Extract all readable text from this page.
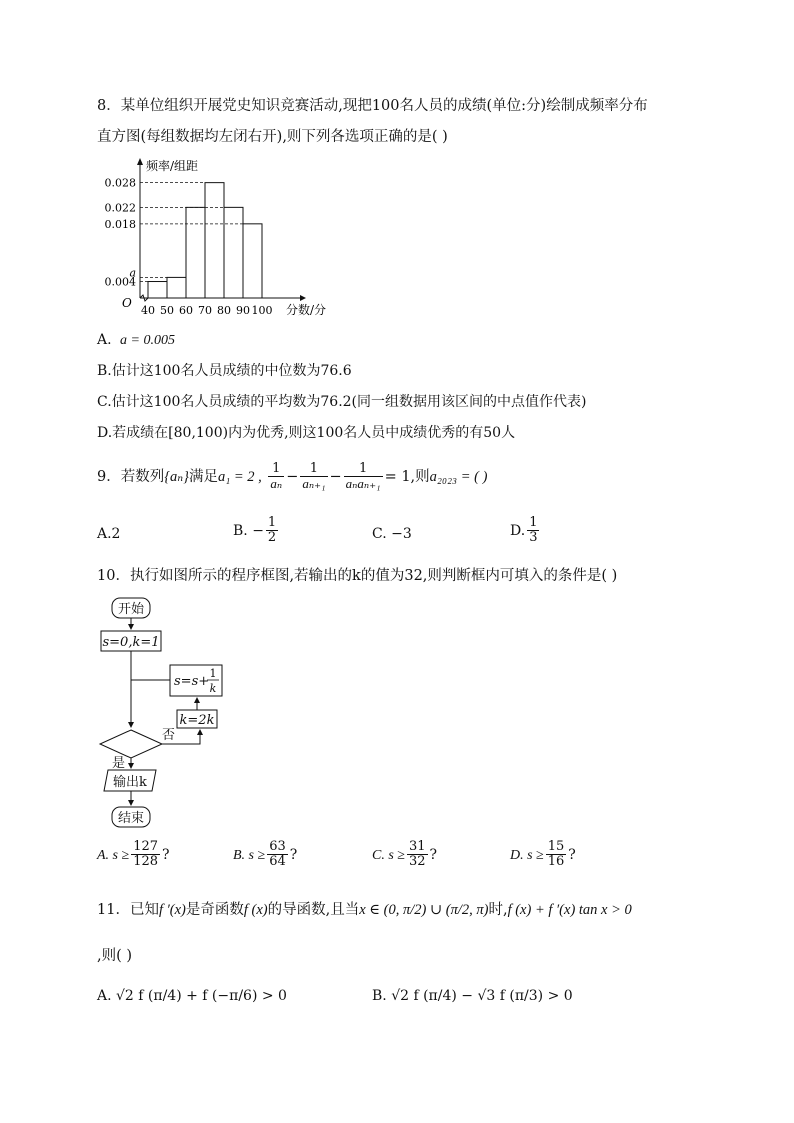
8．某单位组织开展党史知识竞赛活动,现把100名人员的成绩(单位:分)绘制成频率分布
直方图(每组数据均左闭右开),则下列各选项正确的是( )
0.004
a
0.018
0.022
0.028
40 50 60 70 80 90 100 分数/分
频率/组距
O
A. a = 0.005
B.估计这100名人员成绩的中位数为76.6
C.估计这100名人员成绩的平均数为76.2(同一组数据用该区间的中点值作代表)
D.若成绩在[80,100)内为优秀,则这100名人员中成绩优秀的有50人
9．若数列{aₙ}满足a₁ = 2 , $\frac{1}{\text{aₙ}} - \frac{1}{\text{aₙ₊₁}} - \frac{1}{\text{aₙaₙ₊₁}} = 1$,则a₂₀₂₃ = ( )
A.2	B. − $\frac{1}{2}$	C. −3	D. $\frac{1}{3}$
10．执行如图所示的程序框图,若输出的k的值为32,则判断框内可填入的条件是( )
开始
s=0,k=1
s=s+
1
k
k=2k
否
是
输出k
结束
A. $s \ge \frac{127}{128}$ ?	B. $s \ge \frac{63}{64}$ ?	C. $s \ge \frac{31}{32}$ ?	D. $s \ge \frac{15}{16}$ ?
11．已知f ′(x)是奇函数f (x)的导函数,且当x ∈ (0, π/2) ∪ (π/2, π)时,f (x) + f ′(x) tan x > 0
,则( )
A. √2 f (π/4) + f (−π/6) > 0	B. √2 f (π/4) − √3 f (π/3) > 0
